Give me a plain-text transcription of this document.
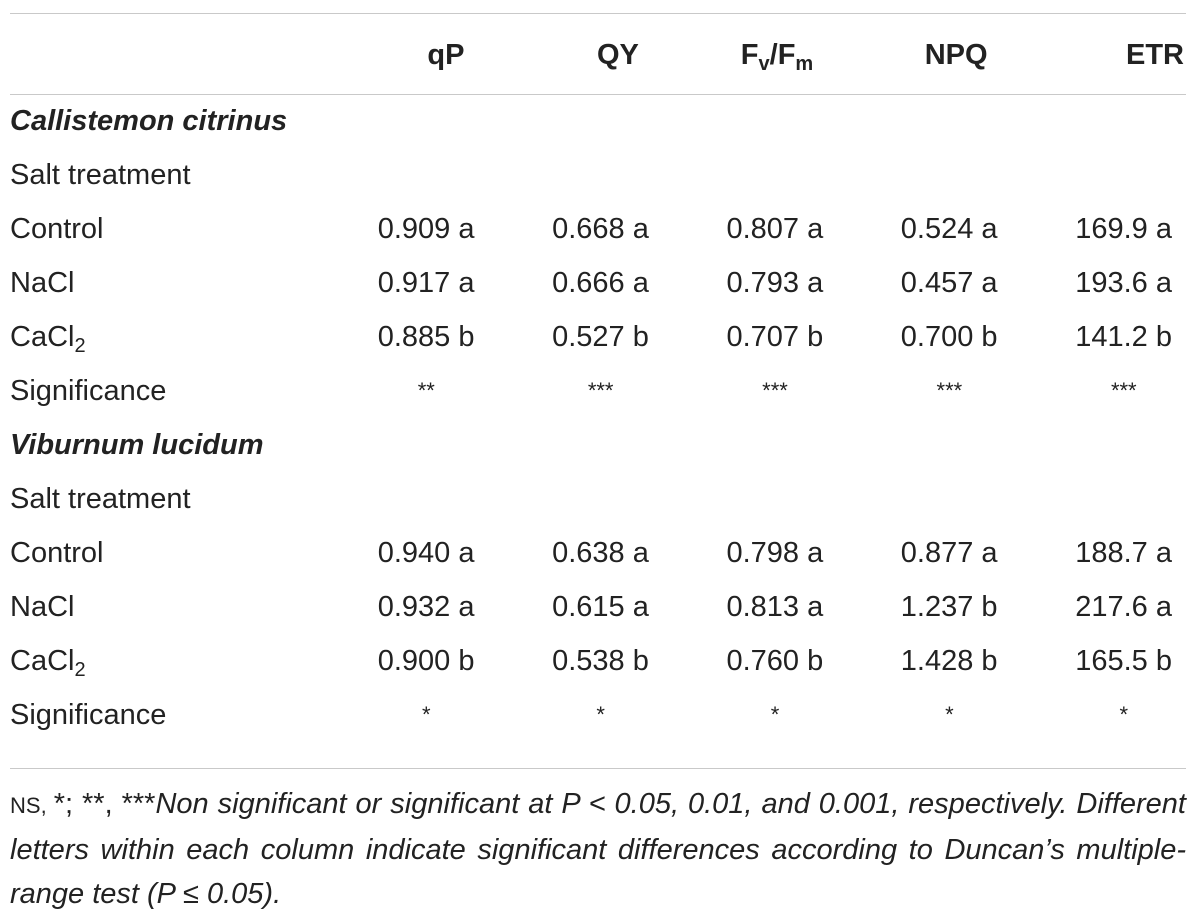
	qP	QY	$F_v/F_m$	NPQ	ETR
Callistemon citrinus					
Salt treatment					
Control	0.909 a	0.668 a	0.807 a	0.524 a	169.9 a
NaCl	0.917 a	0.666 a	0.793 a	0.457 a	193.6 a
CaCl$_2$	0.885 b	0.527 b	0.707 b	0.700 b	141.2 b
Significance	**	***	***	***	***
Viburnum lucidum					
Salt treatment					
Control	0.940 a	0.638 a	0.798 a	0.877 a	188.7 a
NaCl	0.932 a	0.615 a	0.813 a	1.237 b	217.6 a
CaCl$_2$	0.900 b	0.538 b	0.760 b	1.428 b	165.5 b
Significance	*	*	*	*	*
NS, *; **, ***Non significant or significant at P < 0.05, 0.01, and 0.001, respectively. Different letters within each column indicate significant differences according to Duncan’s multiple-range test (P ≤ 0.05).
